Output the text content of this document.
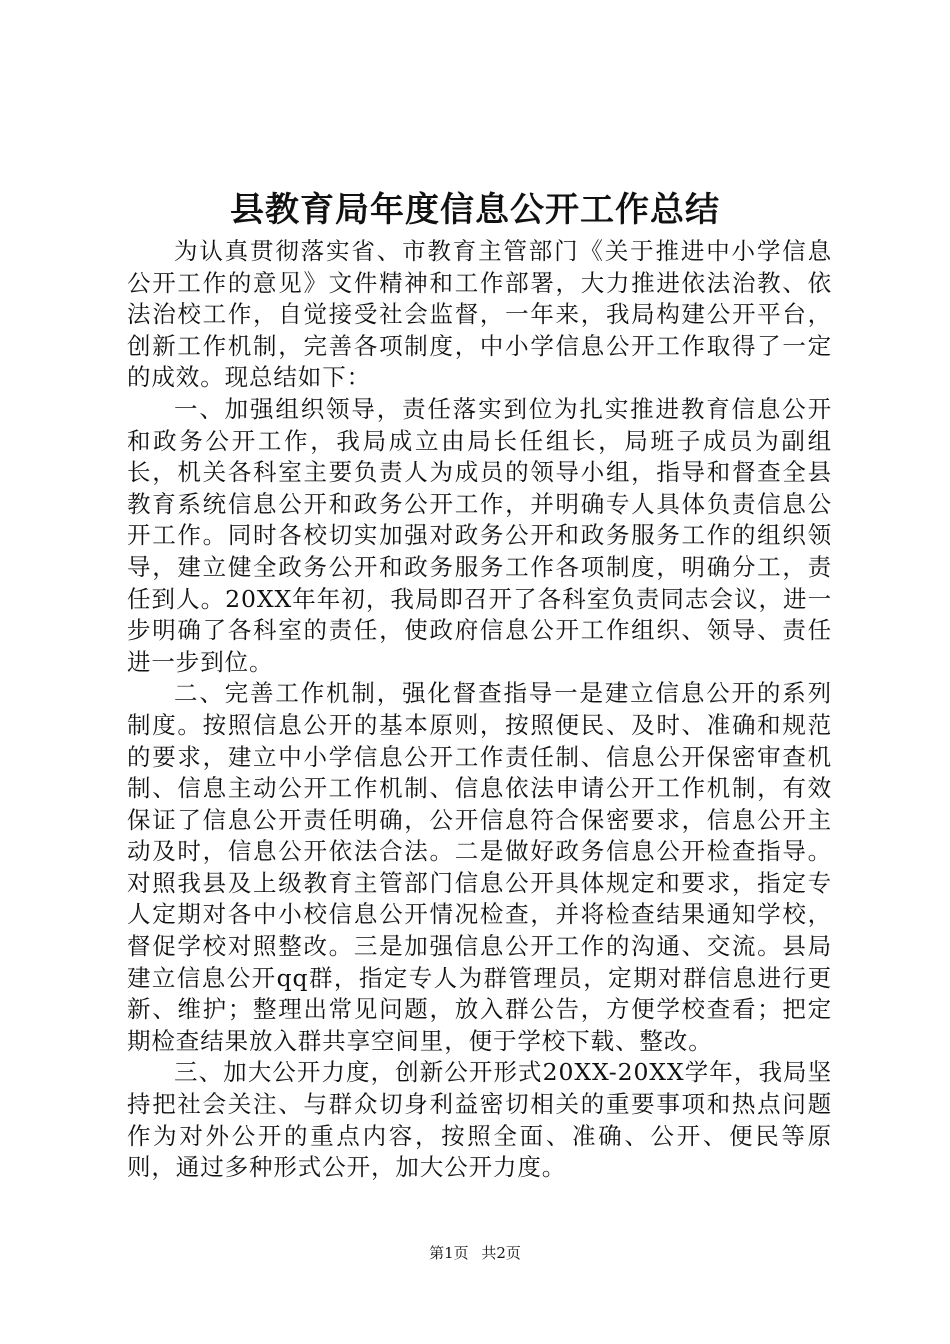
县教育局年度信息公开工作总结

为认真贯彻落实省、市教育主管部门《关于推进中小学信息公开工作的意见》文件精神和工作部署，大力推进依法治教、依法治校工作，自觉接受社会监督，一年来，我局构建公开平台，创新工作机制，完善各项制度，中小学信息公开工作取得了一定的成效。现总结如下：

一、加强组织领导，责任落实到位为扎实推进教育信息公开和政务公开工作，我局成立由局长任组长，局班子成员为副组长，机关各科室主要负责人为成员的领导小组，指导和督查全县教育系统信息公开和政务公开工作，并明确专人具体负责信息公开工作。同时各校切实加强对政务公开和政务服务工作的组织领导，建立健全政务公开和政务服务工作各项制度，明确分工，责任到人。20XX年年初，我局即召开了各科室负责同志会议，进一步明确了各科室的责任，使政府信息公开工作组织、领导、责任进一步到位。

二、完善工作机制，强化督查指导一是建立信息公开的系列制度。按照信息公开的基本原则，按照便民、及时、准确和规范的要求，建立中小学信息公开工作责任制、信息公开保密审查机制、信息主动公开工作机制、信息依法申请公开工作机制，有效保证了信息公开责任明确，公开信息符合保密要求，信息公开主动及时，信息公开依法合法。二是做好政务信息公开检查指导。对照我县及上级教育主管部门信息公开具体规定和要求，指定专人定期对各中小校信息公开情况检查，并将检查结果通知学校，督促学校对照整改。三是加强信息公开工作的沟通、交流。县局建立信息公开qq群，指定专人为群管理员，定期对群信息进行更新、维护；整理出常见问题，放入群公告，方便学校查看；把定期检查结果放入群共享空间里，便于学校下载、整改。

三、加大公开力度，创新公开形式20XX-20XX学年，我局坚持把社会关注、与群众切身利益密切相关的重要事项和热点问题作为对外公开的重点内容，按照全面、准确、公开、便民等原则，通过多种形式公开，加大公开力度。

第1页 共2页
